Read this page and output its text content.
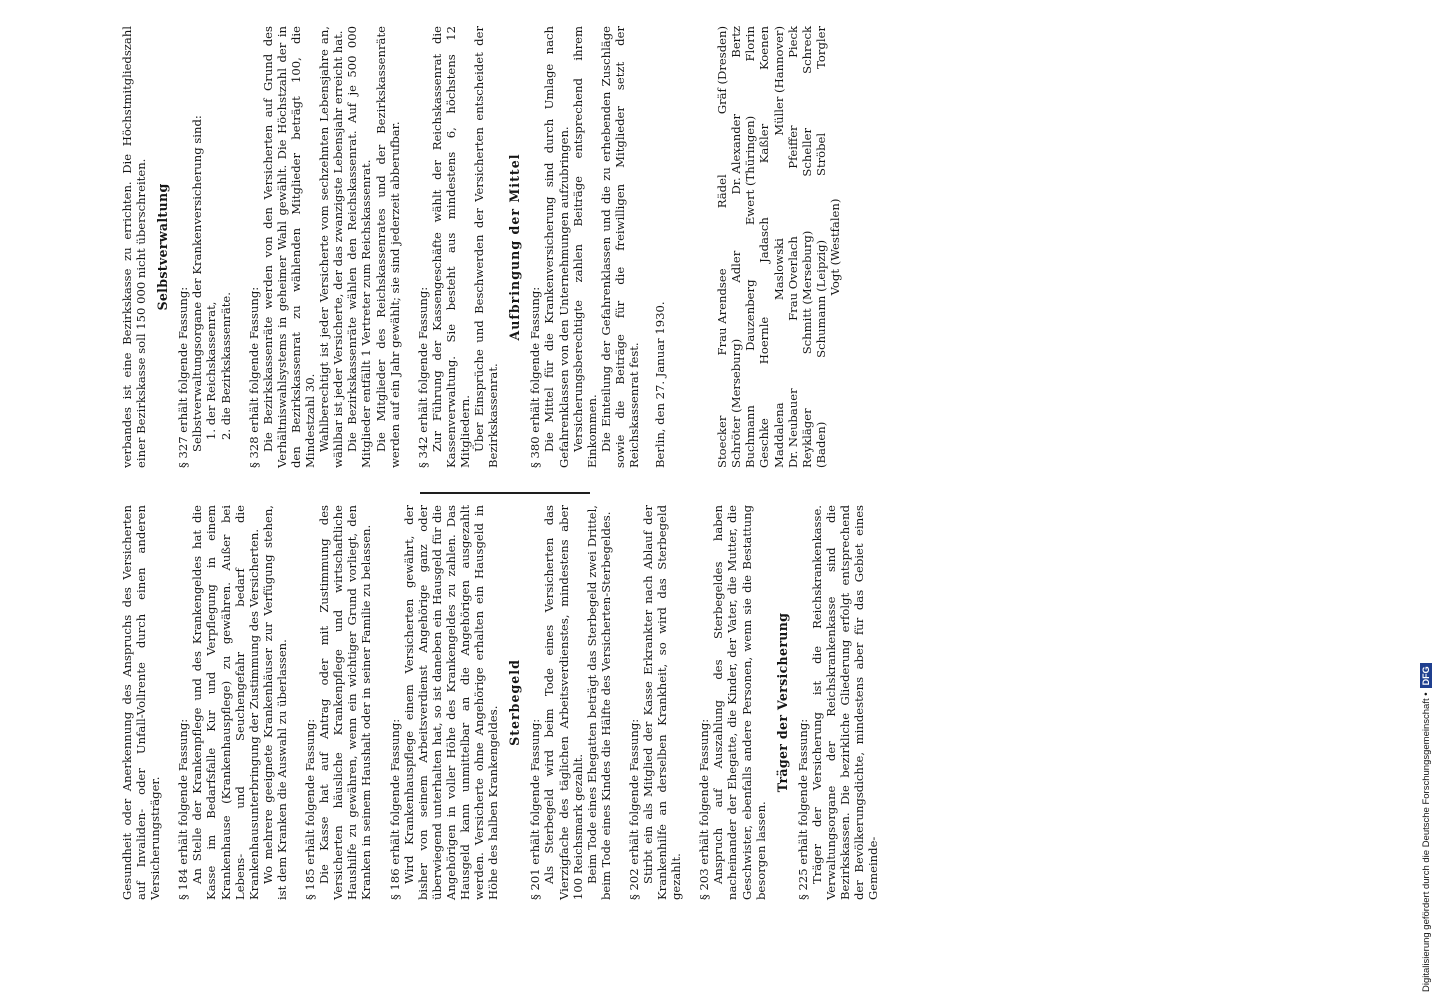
Gesundheit oder Anerkennung des Anspruchs des Versicherten auf Invaliden- oder Unfall-Vollrente durch einen anderen Versicherungsträger. § 184 erhält folgende Fassung: An Stelle der Krankenpflege und des Krankengeldes hat die Kasse im Bedarfsfalle Kur und Verpflegung in einem Krankenhause (Krankenhauspflege) zu gewähren. Außer bei Lebens- und Seuchengefahr bedarf die Krankenhausunterbringung der Zustimmung des Versicherten. Wo mehrere geeignete Krankenhäuser zur Verfügung stehen, ist dem Kranken die Auswahl zu überlassen. § 185 erhält folgende Fassung: Die Kasse hat auf Antrag oder mit Zustimmung des Versicherten häusliche Krankenpflege und wirtschaftliche Haushilfe zu gewähren, wenn ein wichtiger Grund vorliegt, den Kranken in seinem Haushalt oder in seiner Familie zu belassen. § 186 erhält folgende Fassung: Wird Krankenhauspflege einem Versicherten gewährt, der bisher von seinem Arbeitsverdienst Angehörige ganz oder überwiegend unterhalten hat, so ist daneben ein Hausgeld für die Angehörigen in voller Höhe des Krankengeldes zu zahlen. Das Hausgeld kann unmittelbar an die Angehörigen ausgezahlt werden. Versicherte ohne Angehörige erhalten ein Hausgeld in Höhe des halben Krankengeldes.

Sterbegeld

§ 201 erhält folgende Fassung: Als Sterbegeld wird beim Tode eines Versicherten das Vierzigfache des täglichen Arbeitsverdienstes, mindestens aber 100 Reichsmark gezahlt. Beim Tode eines Ehegatten beträgt das Sterbegeld zwei Drittel, beim Tode eines Kindes die Hälfte des Versicherten-Sterbegeldes. § 202 erhält folgende Fassung: Stirbt ein als Mitglied der Kasse Erkrankter nach Ablauf der Krankenhilfe an derselben Krankheit, so wird das Sterbegeld gezahlt. § 203 erhält folgende Fassung: Anspruch auf Auszahlung des Sterbegeldes haben nacheinander der Ehegatte, die Kinder, der Vater, die Mutter, die Geschwister, ebenfalls andere Personen, wenn sie die Bestattung besorgen lassen.

Träger der Versicherung

§ 225 erhält folgende Fassung: Träger der Versicherung ist die Reichskrankenkasse. Verwaltungsorgane der Reichskrankenkasse sind die Bezirkskassen. Die bezirkliche Gliederung erfolgt entsprechend der Bevölkerungsdichte, mindestens aber für das Gebiet eines Gemeinde-

verbandes ist eine Bezirkskasse zu errichten. Die Höchstmitgliedszahl einer Bezirkskasse soll 150 000 nicht überschreiten. Selbstverwaltung

§ 327 erhält folgende Fassung: Selbstverwaltungsorgane der Krankenversicherung sind: 1. der Reichskassenrat, 2. die Bezirkskassenräte. § 328 erhält folgende Fassung: Die Bezirkskassenräte werden von den Versicherten auf Grund des Verhältniswahlsystems in geheimer Wahl gewählt. Die Höchstzahl der in den Bezirkskassenrat zu wählenden Mitglieder beträgt 100, die Mindestzahl 30. Wahlberechtigt ist jeder Versicherte vom sechzehnten Lebensjahre an, wählbar ist jeder Versicherte, der das zwanzigste Lebensjahr erreicht hat. Die Bezirkskassenräte wählen den Reichskassenrat. Auf je 500 000 Mitglieder entfällt 1 Vertreter zum Reichskassenrat. Die Mitglieder des Reichskassenrates und der Bezirkskassenräte werden auf ein Jahr gewählt; sie sind jederzeit abberufbar. § 342 erhält folgende Fassung: Zur Führung der Kassengeschäfte wählt der Reichskassenrat die Kassenverwaltung. Sie besteht aus mindestens 6, höchstens 12 Mitgliedern. Über Einsprüche und Beschwerden der Versicherten entscheidet der Bezirkskassenrat.

Aufbringung der Mittel

§ 380 erhält folgende Fassung: Die Mittel für die Krankenversicherung sind durch Umlage nach Gefahrenklassen von den Unternehmungen aufzubringen. Versicherungsberechtigte zahlen Beiträge entsprechend ihrem Einkommen. Die Einteilung der Gefahrenklassen und die zu erhebenden Zuschläge sowie die Beiträge für die freiwilligen Mitglieder setzt der Reichskassenrat fest. Berlin, den 27. Januar 1930.	Stoecker
Frau Arendsee
Rädel
Gräf (Dresden)
Schröter (Merseburg)
Adler
Dr. Alexander
Bertz
Buchmann
Dauzenberg
Ewert (Thüringen)
Florin
Geschke
Hoernle
Jadasch
Kaßler
Koenen
Maddalena
Maslowski
Müller (Hannover)
Dr. Neubauer
Frau Overlach
Pfeiffer
Pieck
Reykläger
Schmitt (Merseburg)
Scheller
Schreck
(Baden)
Schumann (Leipzig)
Ströbel
Torgler
Vogt (Westfalen)
Digitalisierung gefördert durch die Deutsche Forschungsgemeinschaft •
DFG
